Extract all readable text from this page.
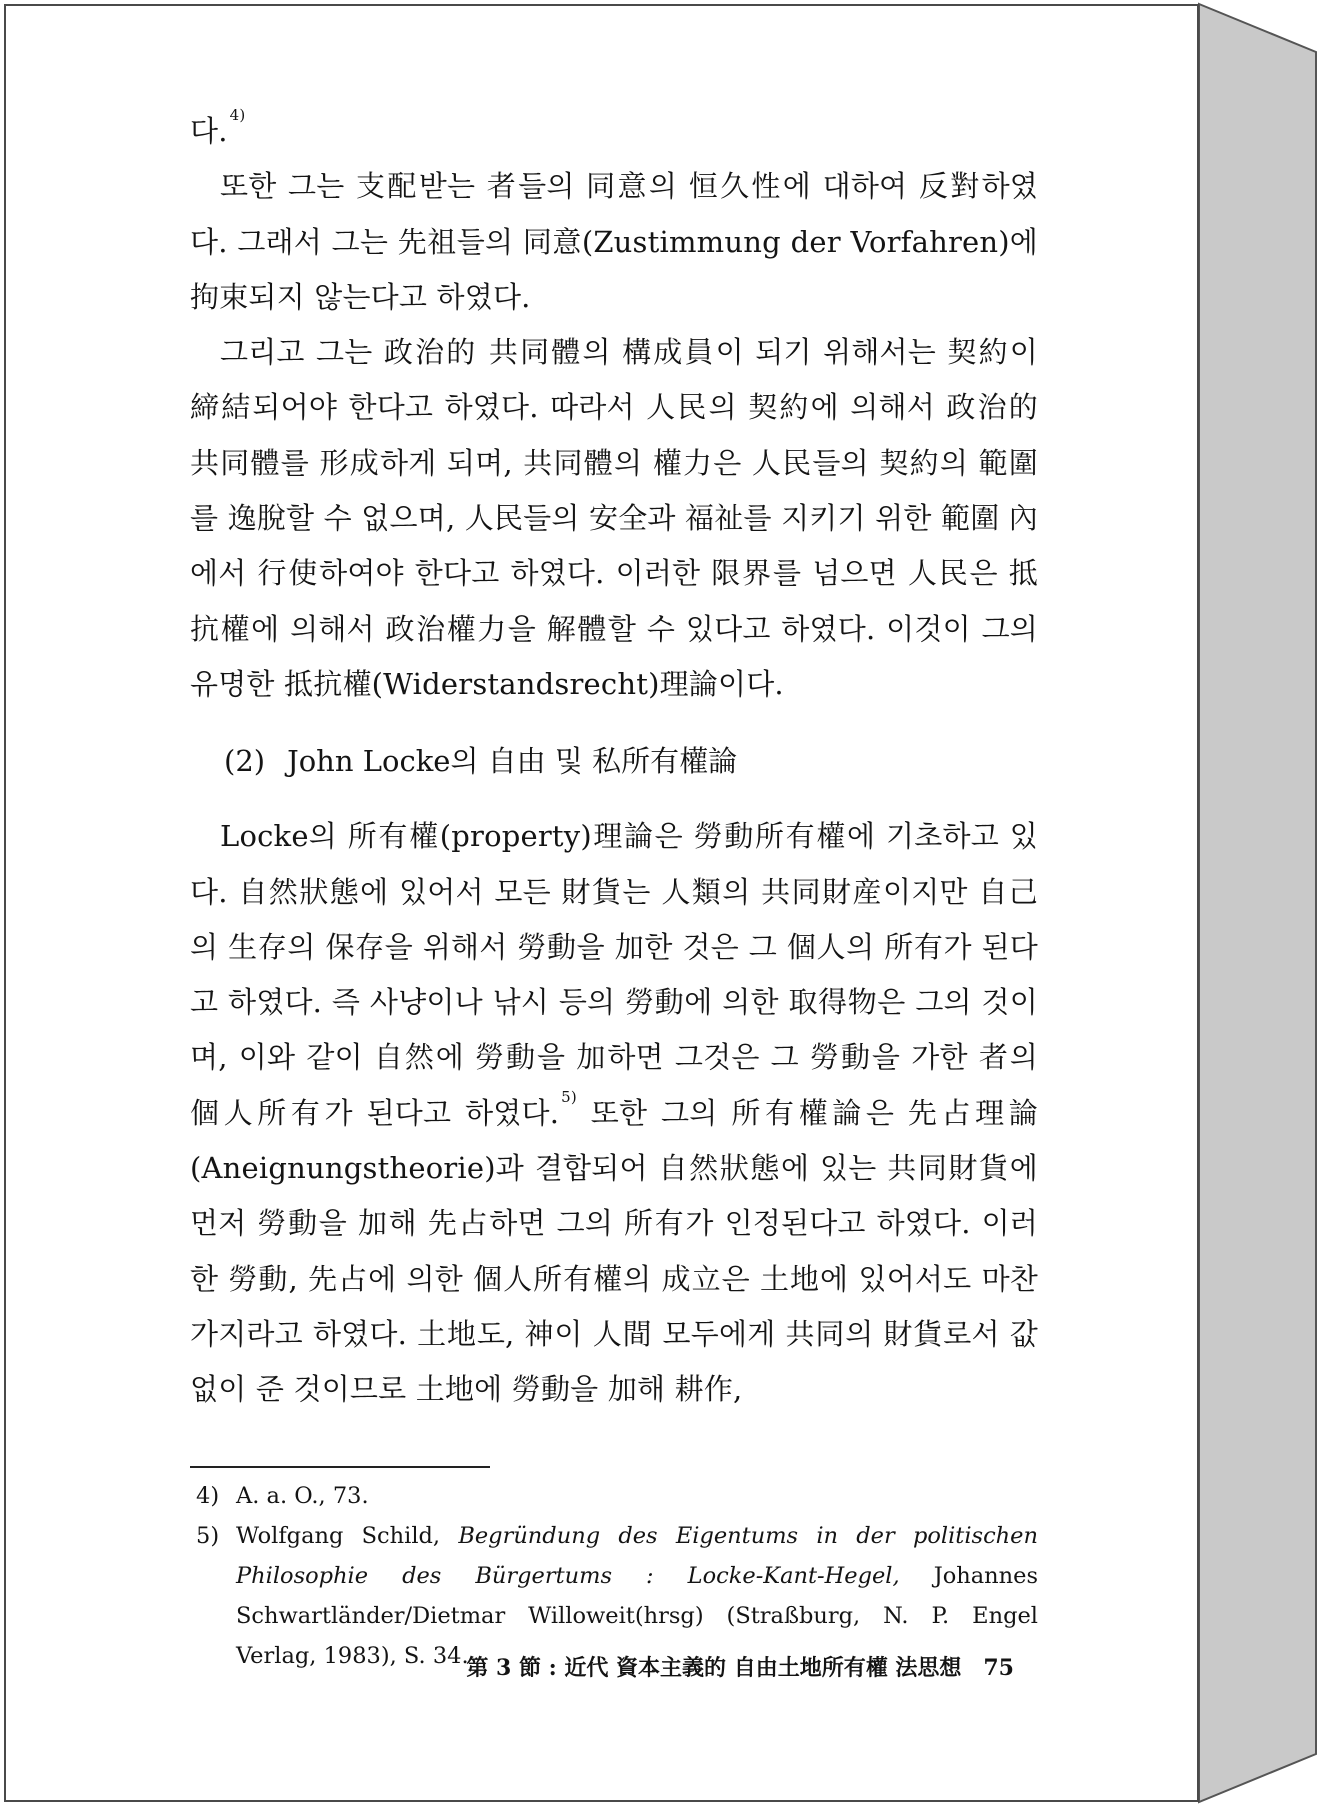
다. $^{4)}$

또한 그는 支配받는 者들의 同意의 恒久性에 대하여 反對하였다. 그래서 그는 先祖들의 同意(Zustimmung der Vorfahren)에 拘束되지 않는다고 하였다.

그리고 그는 政治的 共同體의 構成員이 되기 위해서는 契約이 締結되어야 한다고 하였다. 따라서 人民의 契約에 의해서 政治的 共同體를 形成하게 되며, 共同體의 權力은 人民들의 契約의 範圍를 逸脫할 수 없으며, 人民들의 安全과 福祉를 지키기 위한 範圍 內에서 行使하여야 한다고 하였다. 이러한 限界를 넘으면 人民은 抵抗權에 의해서 政治權力을 解體할 수 있다고 하였다. 이것이 그의 유명한 抵抗權(Widerstandsrecht)理論이다.

(2) John Locke의 自由 및 私所有權論

Locke의 所有權(property)理論은 勞動所有權에 기초하고 있다. 自然狀態에 있어서 모든 財貨는 人類의 共同財産이지만 自己의 生存의 保存을 위해서 勞動을 加한 것은 그 個人의 所有가 된다고 하였다. 즉 사냥이나 낚시 등의 勞動에 의한 取得物은 그의 것이며, 이와 같이 自然에 勞動을 加하면 그것은 그 勞動을 가한 者의 個人所有가 된다고 하였다. $^{5)}$ 또한 그의 所有權論은 先占理論(Aneignungstheorie)과 결합되어 自然狀態에 있는 共同財貨에 먼저 勞動을 加해 先占하면 그의 所有가 인정된다고 하였다. 이러한 勞動, 先占에 의한 個人所有權의 成立은 土地에 있어서도 마찬가지라고 하였다. 土地도, 神이 人間 모두에게 共同의 財貨로서 값없이 준 것이므로 土地에 勞動을 加해 耕作,

4) A. a. O., 73.
5) Wolfgang Schild, Begründung des Eigentums in der politischen Philosophie des Bürgertums : Locke-Kant-Hegel, Johannes Schwartländer/Dietmar Willoweit(hrsg) (Straßburg, N. P. Engel Verlag, 1983), S. 34.
第 3 節 : 近代 資本主義的 自由土地所有權 法思想 75
